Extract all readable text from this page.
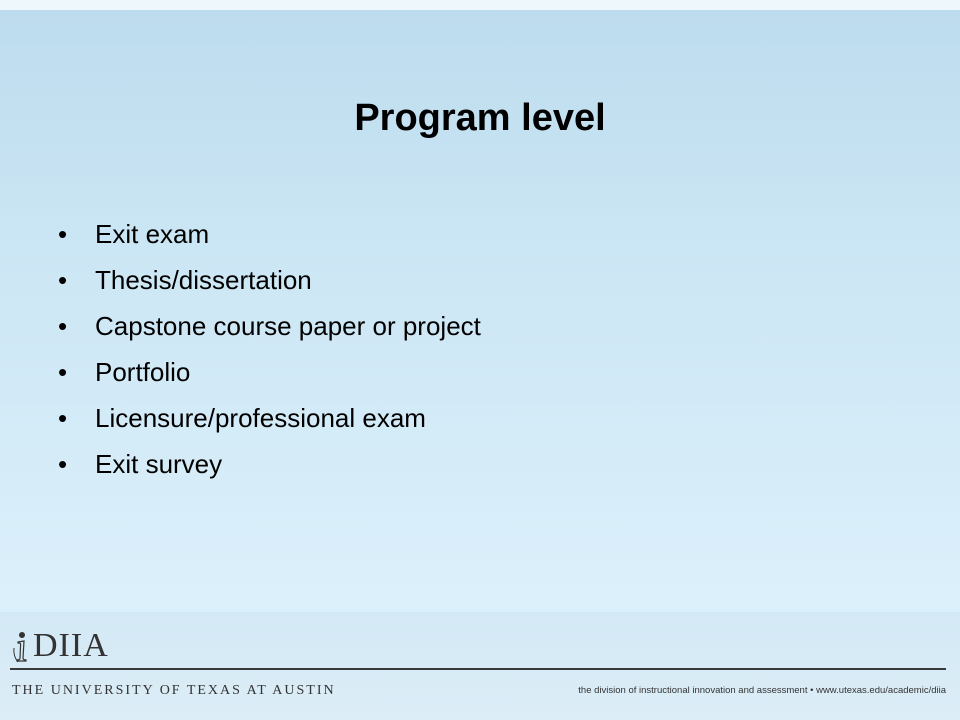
Program level
• Exit exam
• Thesis/dissertation
• Capstone course paper or project
• Portfolio
• Licensure/professional exam
• Exit survey
DIIA
THE UNIVERSITY OF TEXAS AT AUSTIN	the division of instructional innovation and assessment • www.utexas.edu/academic/diia
